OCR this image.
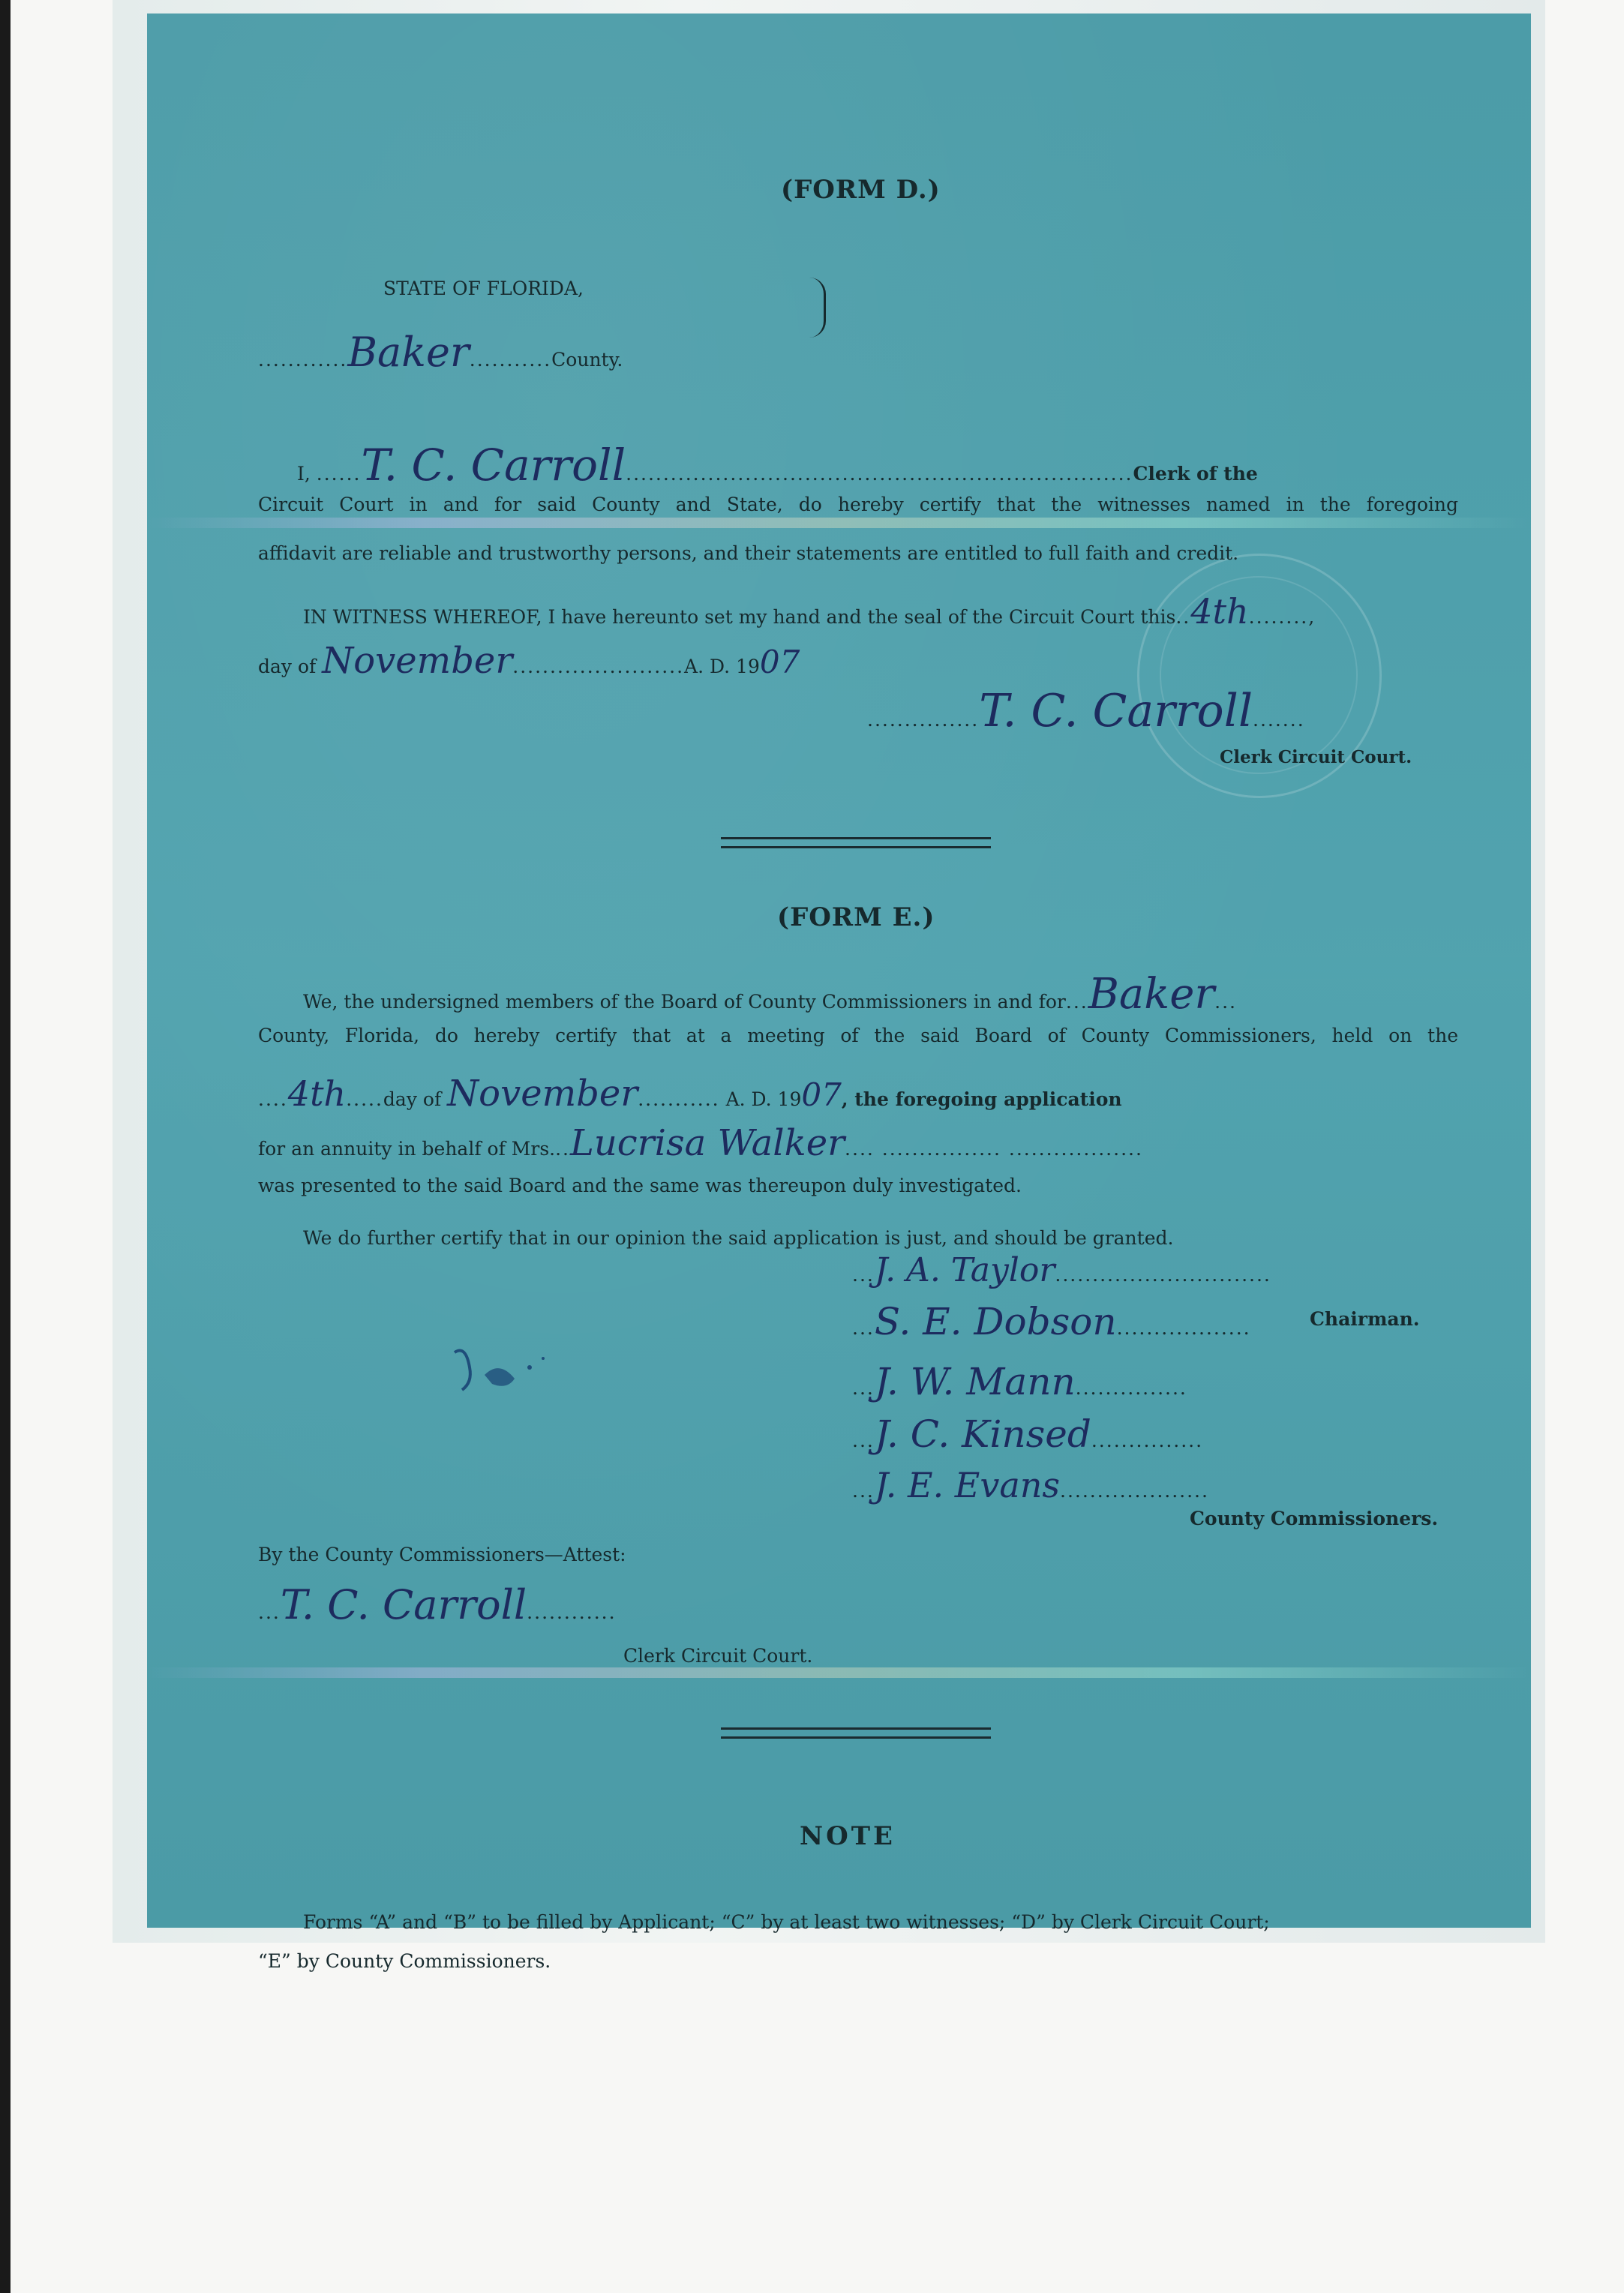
(FORM D.)
STATE OF FLORIDA,
............Baker...........County.
I, ......T. C. Carroll....................................................................Clerk of the
Circuit Court in and for said County and State, do hereby certify that the witnesses named in the foregoing
affidavit are reliable and trustworthy persons, and their statements are entitled to full faith and credit.
IN WITNESS WHEREOF, I have hereunto set my hand and the seal of the Circuit Court this..4th........,
day of November.......................A. D. 1907
...............T. C. Carroll.......
Clerk Circuit Court.
(FORM E.)
We, the undersigned members of the Board of County Commissioners in and for...Baker...
County, Florida, do hereby certify that at a meeting of the said Board of County Commissioners, held on the
....4th.....day of November........... A. D. 1907, the foregoing application
for an annuity in behalf of Mrs...Lucrisa Walker.... ................ ..................
was presented to the said Board and the same was thereupon duly investigated.
We do further certify that in our opinion the said application is just, and should be granted.
...J. A. Taylor.............................
...S. E. Dobson..................	Chairman.
...J. W. Mann...............
...J. C. Kinsed...............
...J. E. Evans....................
County Commissioners.
By the County Commissioners—Attest:
...T. C. Carroll............
Clerk Circuit Court.
NOTE
Forms “A” and “B” to be filled by Applicant; “C” by at least two witnesses; “D” by Clerk Circuit Court;
“E” by County Commissioners.
